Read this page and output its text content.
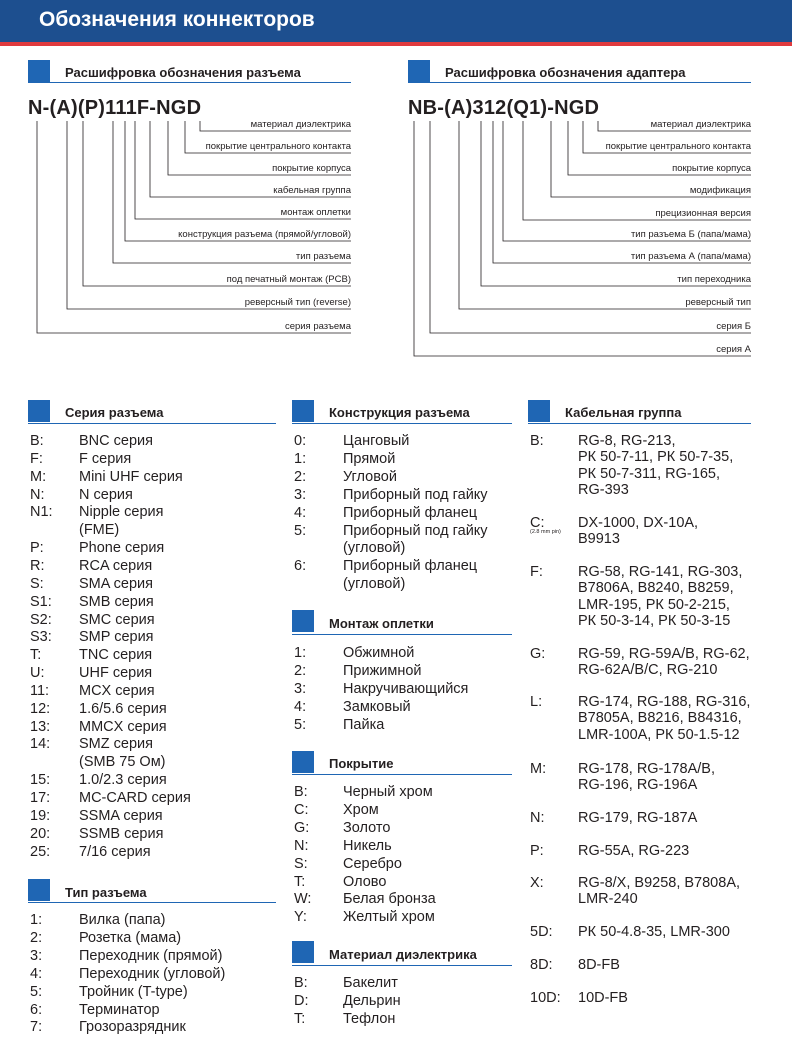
Обозначения коннекторов
Расшифровка обозначения разъема
N-(A)(P)111F-NGD
материал диэлектрика
покрытие центрального контакта
покрытие корпуса
кабельная группа
монтаж оплетки
конструкция разъема (прямой/угловой)
тип разъема
под печатный монтаж (PCB)
реверсный тип (reverse)
серия разъема
Расшифровка обозначения адаптера
NB-(A)312(Q1)-NGD
материал диэлектрика
покрытие центрального контакта
покрытие корпуса
модификация
прецизионная версия
тип разъема Б (папа/мама)
тип разъема А (папа/мама)
тип переходника
реверсный тип
серия Б
серия А
Серия разъема
B: BNC серия
F: F серия
M: Mini UHF серия
N: N серия
N1: Nipple серия
(FME)
P: Phone серия
R: RCA серия
S: SMA серия
S1: SMB серия
S2: SMC серия
S3: SMP серия
T:	TNC серия
U: UHF серия
11: MCX серия
12: 1.6/5.6 серия
13: MMCX серия
14: SMZ серия
(SMB 75 Ом)
15: 1.0/2.3 серия
17: MC-CARD серия
19: SSMA серия
20: SSMB серия
25: 7/16 серия
Тип разъема
1:	Вилка (папа)
2:	Розетка (мама)
3:	Переходник (прямой)
4:	Переходник (угловой)
5:	Тройник (T-type)
6:	Терминатор
7:	Грозоразрядник
Конструкция разъема
0:	Цанговый
1:	Прямой
2:	Угловой
3:	Приборный под гайку
4:	Приборный фланец
5:	Приборный под гайку
(угловой)
6:	Приборный фланец
(угловой)
Монтаж оплетки
1:	Обжимной
2:	Прижимной
3:	Накручивающийся
4:	Замковый
5:	Пайка
Покрытие
B: Черный хром
C: Хром
G: Золото
N: Никель
S: Серебро
T:	Олово
W: Белая бронза
Y: Желтый хром
Материал диэлектрика
B: Бакелит
D: Дельрин
T:	Тефлон
Кабельная группа
B: RG-8, RG-213,
РК 50-7-11, РК 50-7-35,
РК 50-7-311, RG-165,
RG-393
C: DX-1000, DX-10A,
B9913
(2.8 mm pin)
F: RG-58, RG-141, RG-303,
B7806A, B8240, B8259,
LMR-195, РК 50-2-215,
РК 50-3-14, РК 50-3-15
G: RG-59, RG-59A/B, RG-62,
RG-62A/B/C, RG-210
L: RG-174, RG-188, RG-316,
B7805A, B8216, B84316,
LMR-100A, РК 50-1.5-12
M: RG-178, RG-178A/B,
RG-196, RG-196A
N: RG-179, RG-187A
P: RG-55A, RG-223
X: RG-8/X, B9258, B7808A,
LMR-240
5D: РК 50-4.8-35, LMR-300
8D: 8D-FB
10D: 10D-FB
